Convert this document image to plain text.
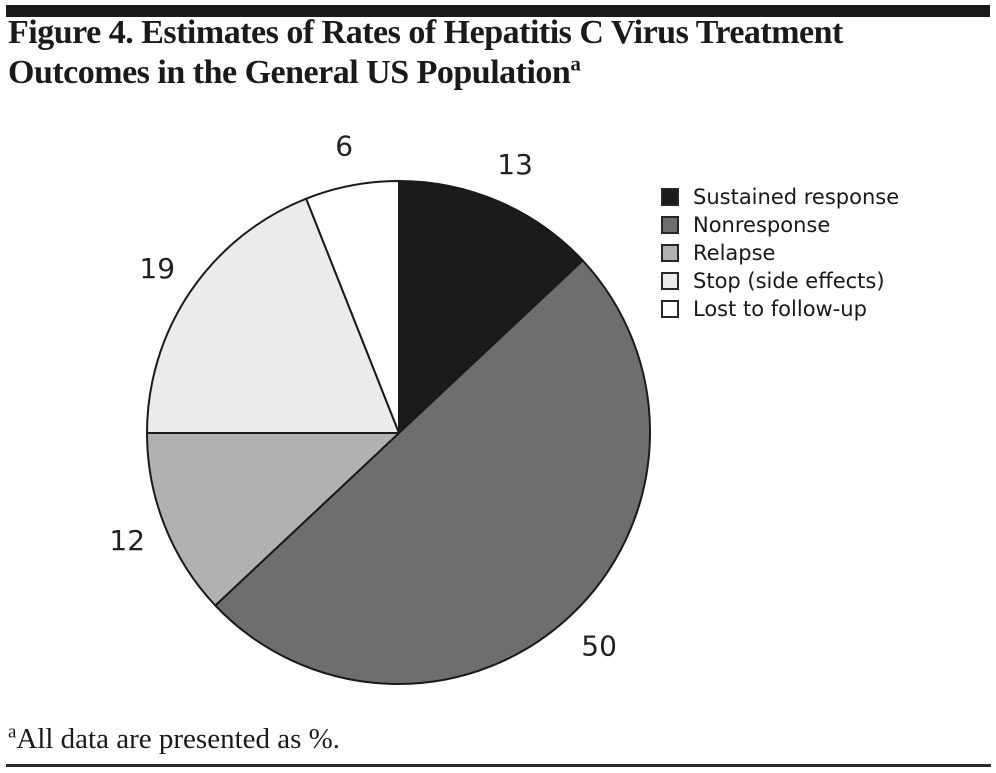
Figure 4. Estimates of Rates of Hepatitis C Virus Treatment
Outcomes in the General US Population$^a$
13
50
12
19
6
Sustained response
Nonresponse
Relapse
Stop (side effects)
Lost to follow-up
$^a$All data are presented as %.
